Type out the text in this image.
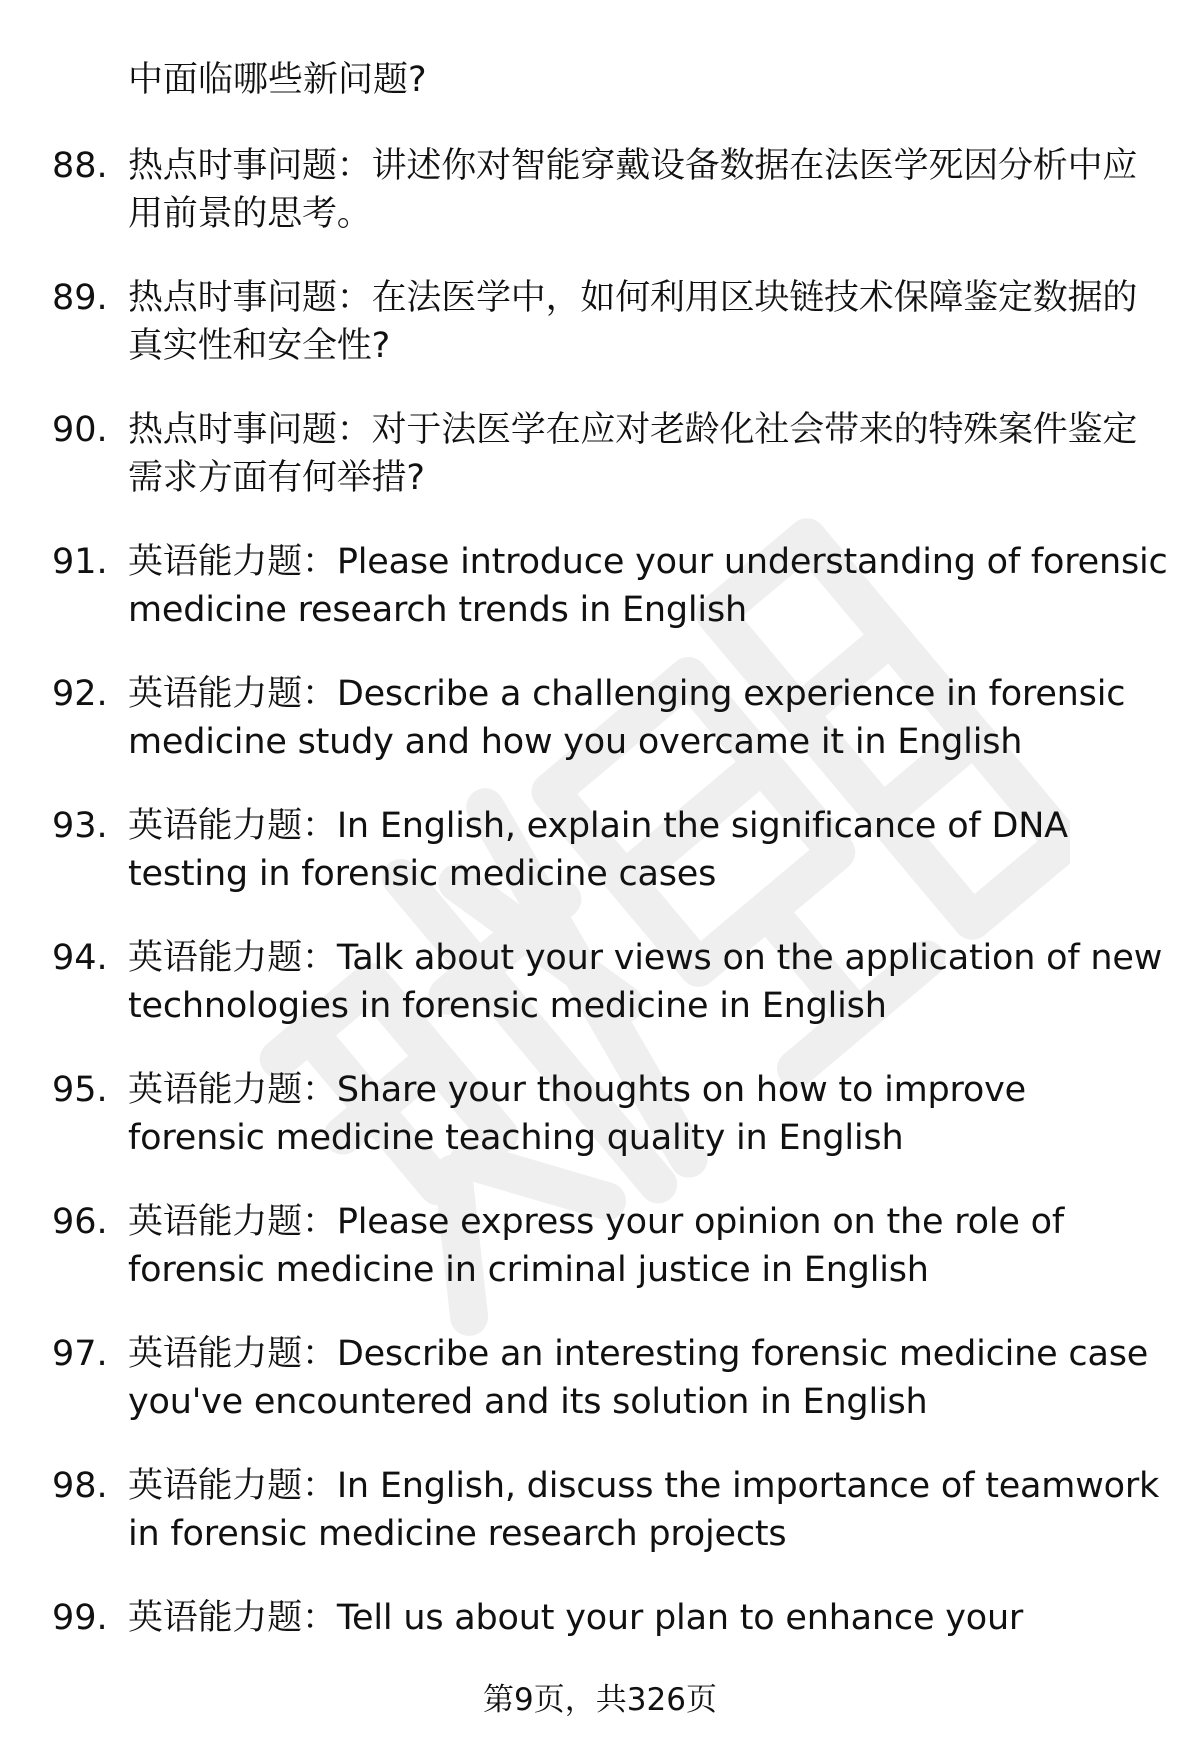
中面临哪些新问题?
88. 热点时事问题：讲述你对智能穿戴设备数据在法医学死因分析中应用前景的思考。
89. 热点时事问题：在法医学中，如何利用区块链技术保障鉴定数据的真实性和安全性?
90. 热点时事问题：对于法医学在应对老龄化社会带来的特殊案件鉴定需求方面有何举措?
91. 英语能力题：Please introduce your understanding of forensic medicine research trends in English
92. 英语能力题：Describe a challenging experience in forensic medicine study and how you overcame it in English
93. 英语能力题：In English, explain the significance of DNA testing in forensic medicine cases
94. 英语能力题：Talk about your views on the application of new technologies in forensic medicine in English
95. 英语能力题：Share your thoughts on how to improve forensic medicine teaching quality in English
96. 英语能力题：Please express your opinion on the role of forensic medicine in criminal justice in English
97. 英语能力题：Describe an interesting forensic medicine case you've encountered and its solution in English
98. 英语能力题：In English, discuss the importance of teamwork in forensic medicine research projects
99. 英语能力题：Tell us about your plan to enhance your
第9页，共326页
